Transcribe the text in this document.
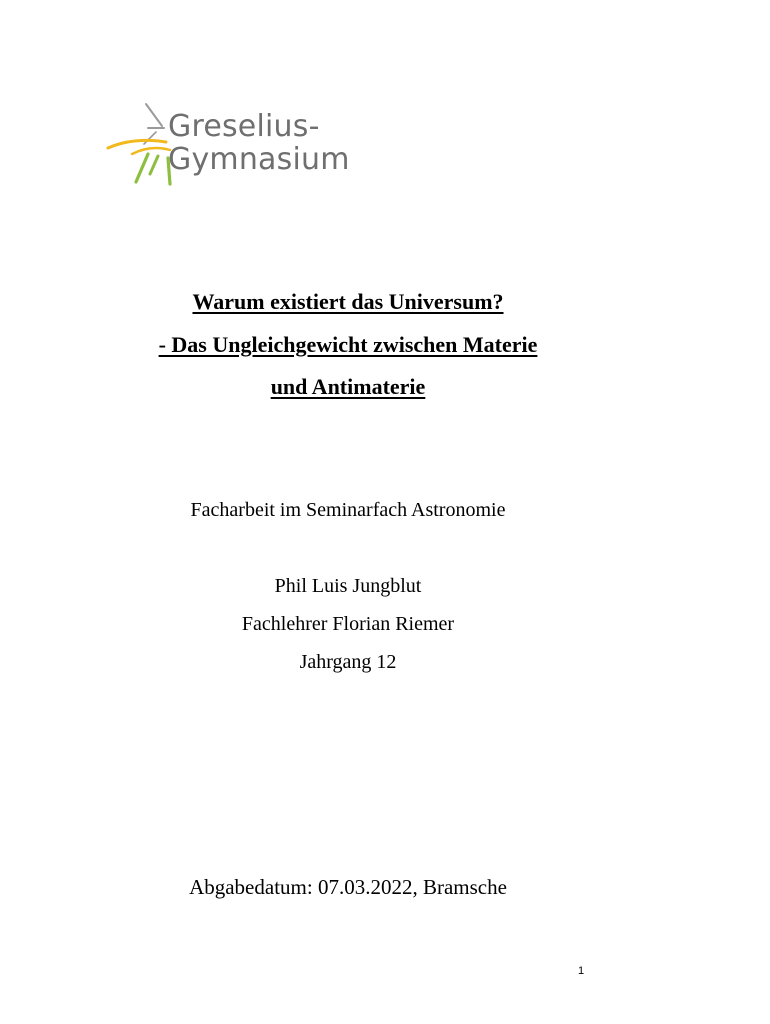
Greselius-
Gymnasium
Warum existiert das Universum?
- Das Ungleichgewicht zwischen Materie
und Antimaterie
Facharbeit im Seminarfach Astronomie
Phil Luis Jungblut
Fachlehrer Florian Riemer
Jahrgang 12
Abgabedatum: 07.03.2022, Bramsche
1
